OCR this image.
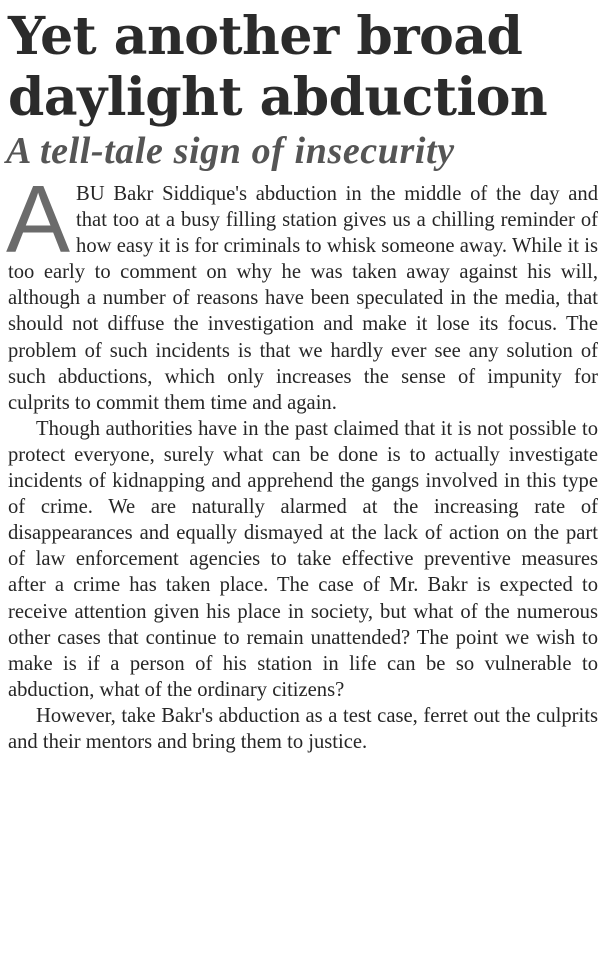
Yet another broad
daylight abduction
A tell-tale sign of insecurity

ABU Bakr Siddique's abduction in the middle of the day and that too at a busy filling station gives us a chilling reminder of how easy it is for criminals to whisk someone away. While it is too early to comment on why he was taken away against his will, although a number of reasons have been speculated in the media, that should not diffuse the investigation and make it lose its focus. The problem of such incidents is that we hardly ever see any solution of such abductions, which only increases the sense of impunity for culprits to commit them time and again.

Though authorities have in the past claimed that it is not possible to protect everyone, surely what can be done is to actually investigate incidents of kidnapping and apprehend the gangs involved in this type of crime. We are naturally alarmed at the increasing rate of disappearances and equally dismayed at the lack of action on the part of law enforcement agencies to take effective preventive measures after a crime has taken place. The case of Mr. Bakr is expected to receive attention given his place in society, but what of the numerous other cases that continue to remain unattended? The point we wish to make is if a person of his station in life can be so vulnerable to abduction, what of the ordinary citizens?

However, take Bakr's abduction as a test case, ferret out the culprits and their mentors and bring them to justice.
